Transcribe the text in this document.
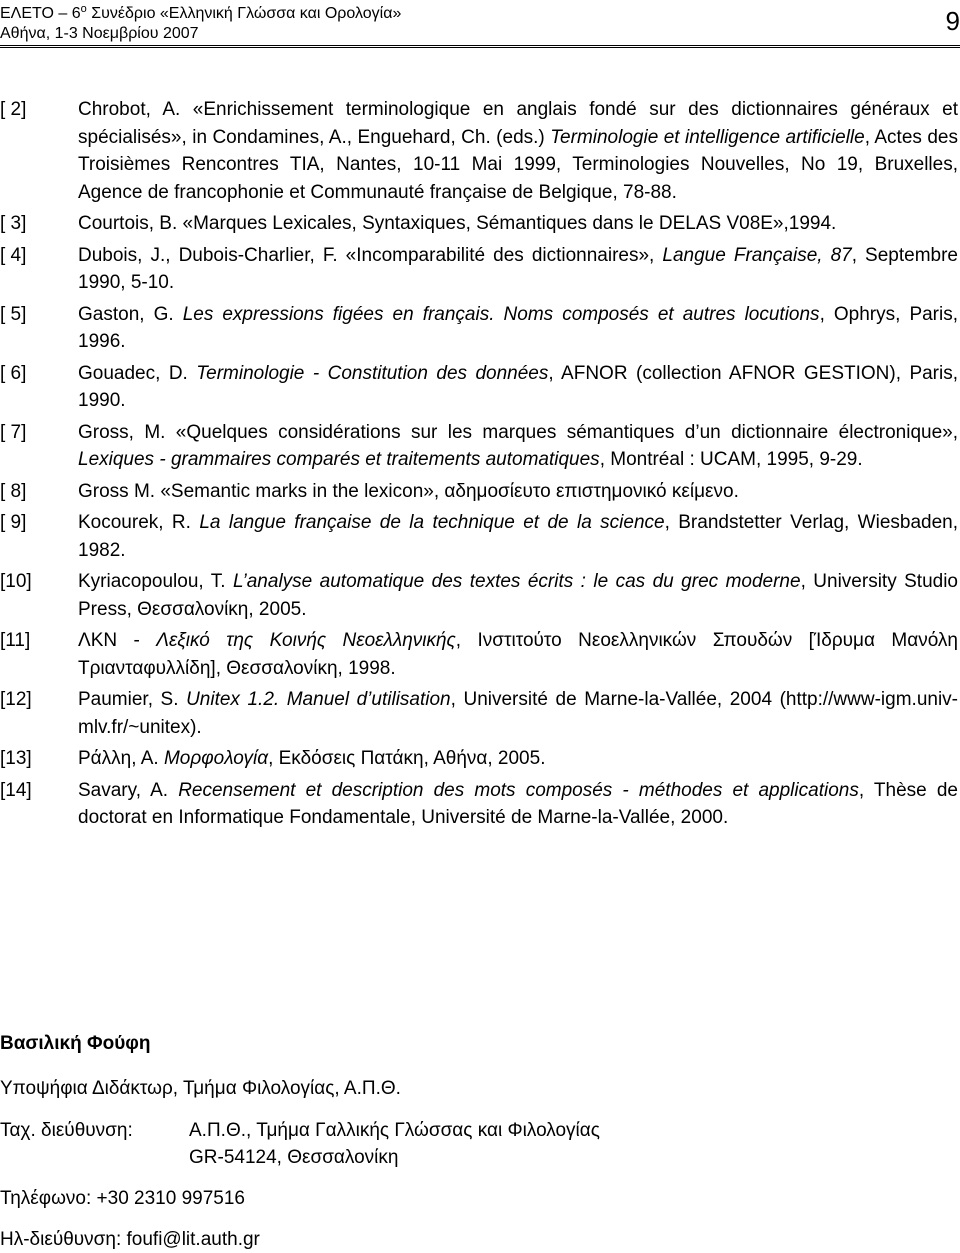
ΕΛΕΤΟ – $6^o$ Συνέδριο «Ελληνική Γλώσσα και Ορολογία»
Αθήνα, 1-3 Νοεμβρίου 2007	9
[ 2]	Chrobot, A. «Enrichissement terminologique en anglais fondé sur des dictionnaires généraux et spécialisés», in Condamines, A., Enguehard, Ch. (eds.) Terminologie et intelligence artificielle, Actes des Troisièmes Rencontres TIA, Nantes, 10-11 Mai 1999, Terminologies Nouvelles, No 19, Bruxelles, Agence de francophonie et Communauté française de Belgique, 78-88.
[ 3]	Courtois, B. «Marques Lexicales, Syntaxiques, Sémantiques dans le DELAS V08E»,1994.
[ 4]	Dubois, J., Dubois-Charlier, F. «Incomparabilité des dictionnaires», Langue Française, 87, Septembre 1990, 5-10.
[ 5]	Gaston, G. Les expressions figées en français. Noms composés et autres locutions, Ophrys, Paris, 1996.
[ 6]	Gouadec, D. Terminologie - Constitution des données, AFNOR (collection AFNOR GESTION), Paris, 1990.
[ 7]	Gross, M. «Quelques considérations sur les marques sémantiques d’un dictionnaire électronique», Lexiques - grammaires comparés et traitements automatiques, Montréal : UCAM, 1995, 9-29.
[ 8]	Gross M. «Semantic marks in the lexicon», αδημοσίευτο επιστημονικό κείμενο.
[ 9]	Kocourek, R. La langue française de la technique et de la science, Brandstetter Verlag, Wiesbaden, 1982.
[10] Kyriacopoulou, T. L’analyse automatique des textes écrits : le cas du grec moderne, University Studio Press, Θεσσαλονίκη, 2005.
[11]	ΛΚΝ - Λεξικό της Κοινής Νεοελληνικής, Ινστιτούτο Νεοελληνικών Σπουδών [Ίδρυμα Μανόλη Τριανταφυλλίδη], Θεσσαλονίκη, 1998.
[12] Paumier, S. Unitex 1.2. Manuel d’utilisation, Université de Marne-la-Vallée, 2004 (http://www-igm.univ-mlv.fr/~unitex).
[13] Ράλλη, Α. Μορφολογία, Εκδόσεις Πατάκη, Αθήνα, 2005.
[14] Savary, A. Recensement et description des mots composés - méthodes et applications, Thèse de doctorat en Informatique Fondamentale, Université de Marne-la-Vallée, 2000.
Βασιλική Φούφη
Υποψήφια Διδάκτωρ, Τμήμα Φιλολογίας, Α.Π.Θ.
Ταχ. διεύθυνση:	Α.Π.Θ., Τμήμα Γαλλικής Γλώσσας και Φιλολογίας
GR-54124, Θεσσαλονίκη
Τηλέφωνο: +30 2310 997516
Ηλ-διεύθυνση: foufi@lit.auth.gr
